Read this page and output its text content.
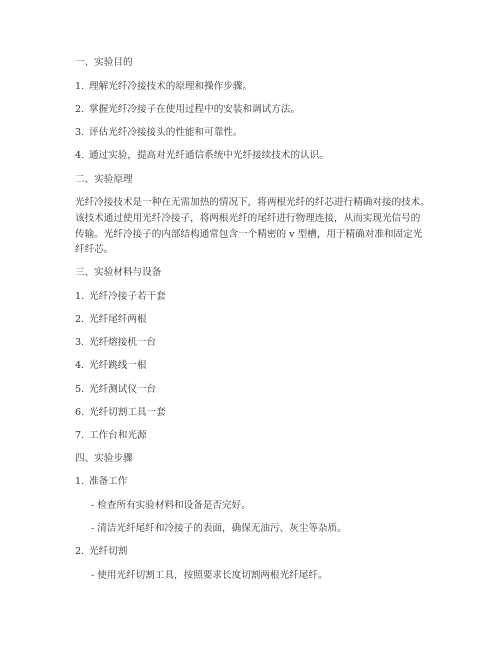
一、实验目的
1. 理解光纤冷接技术的原理和操作步骤。
2. 掌握光纤冷接子在使用过程中的安装和调试方法。
3. 评估光纤冷接接头的性能和可靠性。
4. 通过实验，提高对光纤通信系统中光纤接续技术的认识。
二、实验原理
光纤冷接技术是一种在无需加热的情况下，将两根光纤的纤芯进行精确对接的技术。
该技术通过使用光纤冷接子，将两根光纤的尾纤进行物理连接，从而实现光信号的
传输。光纤冷接子的内部结构通常包含一个精密的 v 型槽，用于精确对准和固定光
纤纤芯。
三、实验材料与设备
1. 光纤冷接子若干套
2. 光纤尾纤两根
3. 光纤熔接机一台
4. 光纤跳线一根
5. 光纤测试仪一台
6. 光纤切割工具一套
7. 工作台和光源
四、实验步骤
1. 准备工作
- 检查所有实验材料和设备是否完好。
- 清洁光纤尾纤和冷接子的表面，确保无油污、灰尘等杂质。
2. 光纤切割
- 使用光纤切割工具，按照要求长度切割两根光纤尾纤。
